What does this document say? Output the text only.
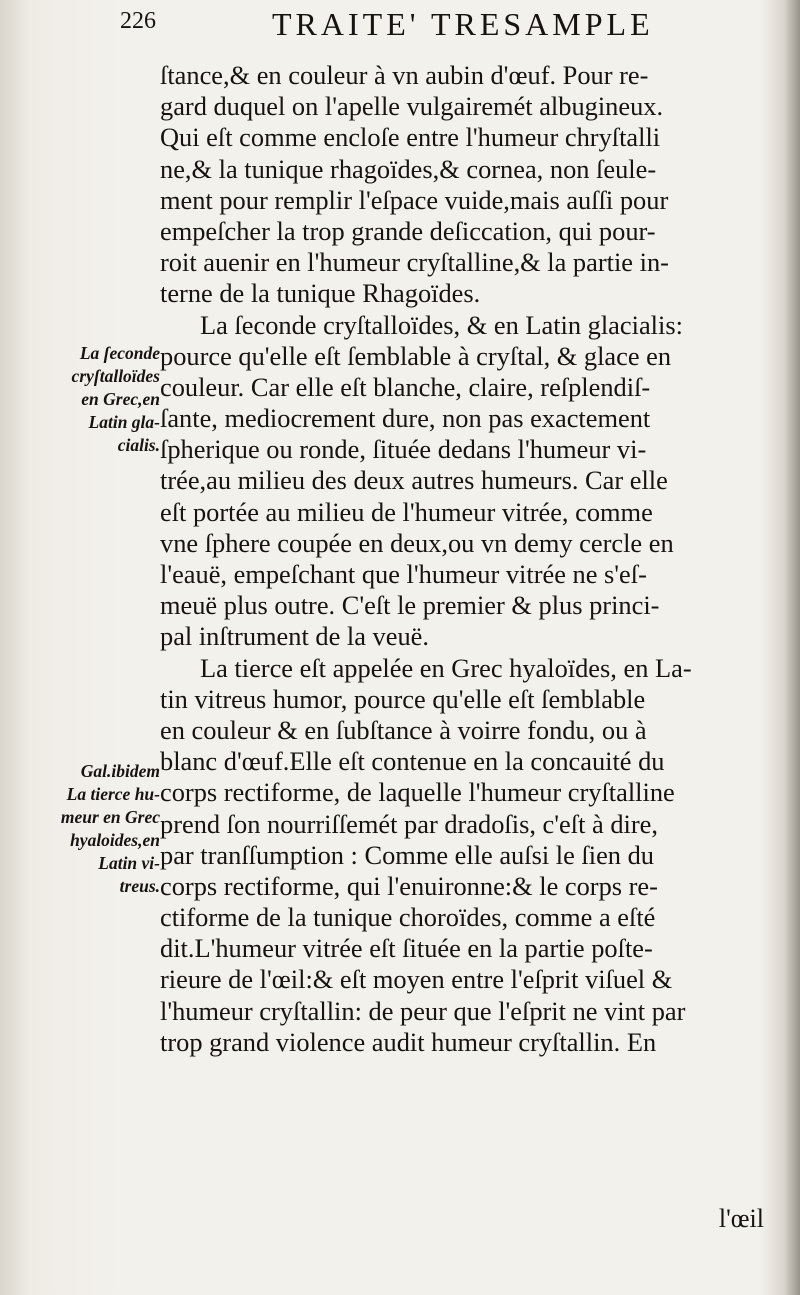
226	TRAITE' TRESAMPLE
ſtance,& en couleur à vn aubin d'œuf. Pour re-
gard duquel on l'apelle vulgairemét albugineux.
Qui eſt comme encloſe entre l'humeur chryſtalli
ne,& la tunique rhagoïdes,& cornea, non ſeule-
ment pour remplir l'eſpace vuide,mais auſſi pour
empeſcher la trop grande deſiccation, qui pour-
roit auenir en l'humeur cryſtalline,& la partie in-
terne de la tunique Rhagoïdes.
La ſeconde cryſtalloïdes, & en Latin glacialis:
pource qu'elle eſt ſemblable à cryſtal, & glace en
couleur. Car elle eſt blanche, claire, reſplendiſ-
ſante, mediocrement dure, non pas exactement
ſpherique ou ronde, ſituée dedans l'humeur vi-
trée,au milieu des deux autres humeurs. Car elle
eſt portée au milieu de l'humeur vitrée, comme
vne ſphere coupée en deux,ou vn demy cercle en
l'eauë, empeſchant que l'humeur vitrée ne s'eſ-
meuë plus outre. C'eſt le premier & plus princi-
pal inſtrument de la veuë.
La tierce eſt appelée en Grec hyaloïdes, en La-
tin vitreus humor, pource qu'elle eſt ſemblable
en couleur & en ſubſtance à voirre fondu, ou à
blanc d'œuf.Elle eſt contenue en la concauité du
corps rectiforme, de laquelle l'humeur cryſtalline
prend ſon nourriſſemét par dradoſis, c'eſt à dire,
par tranſſumption : Comme elle auſsi le ſien du
corps rectiforme, qui l'enuironne:& le corps re-
ctiforme de la tunique choroïdes, comme a eſté
dit.L'humeur vitrée eſt ſituée en la partie poſte-
rieure de l'œil:& eſt moyen entre l'eſprit viſuel &
l'humeur cryſtallin: de peur que l'eſprit ne vint par
trop grand violence audit humeur cryſtallin. En
La ſeconde
cryſtalloïdes
en Grec,en
Latin gla-
cialis.
Gal.ibidem
La tierce hu-
meur en Grec
hyaloides,en
Latin vi-
treus.
l'œil
